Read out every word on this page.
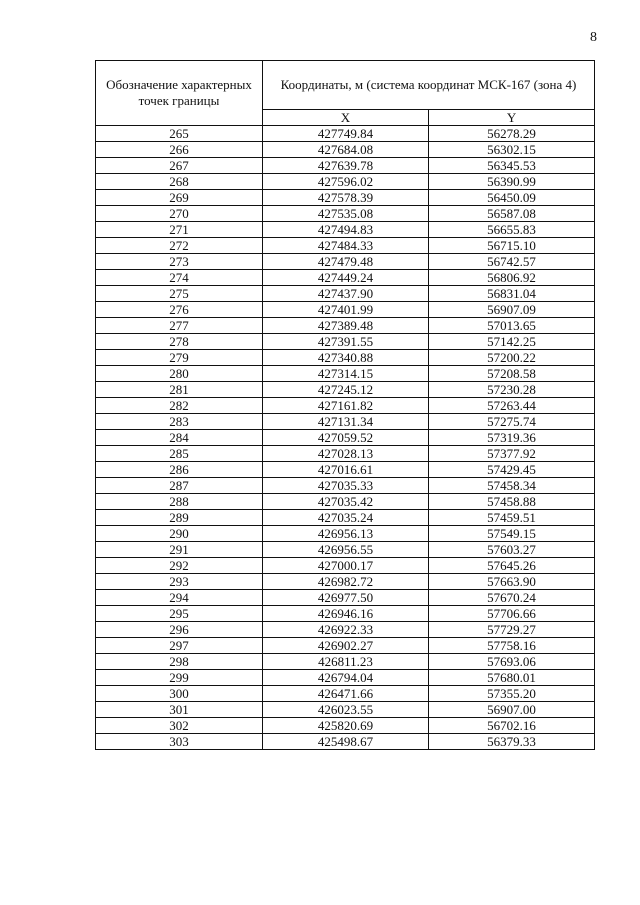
8
Обозначение характерных точек границы	Координаты, м (система координат МСК-167 (зона 4)	
	X	Y
265	427749.84	56278.29
266	427684.08	56302.15
267	427639.78	56345.53
268	427596.02	56390.99
269	427578.39	56450.09
270	427535.08	56587.08
271	427494.83	56655.83
272	427484.33	56715.10
273	427479.48	56742.57
274	427449.24	56806.92
275	427437.90	56831.04
276	427401.99	56907.09
277	427389.48	57013.65
278	427391.55	57142.25
279	427340.88	57200.22
280	427314.15	57208.58
281	427245.12	57230.28
282	427161.82	57263.44
283	427131.34	57275.74
284	427059.52	57319.36
285	427028.13	57377.92
286	427016.61	57429.45
287	427035.33	57458.34
288	427035.42	57458.88
289	427035.24	57459.51
290	426956.13	57549.15
291	426956.55	57603.27
292	427000.17	57645.26
293	426982.72	57663.90
294	426977.50	57670.24
295	426946.16	57706.66
296	426922.33	57729.27
297	426902.27	57758.16
298	426811.23	57693.06
299	426794.04	57680.01
300	426471.66	57355.20
301	426023.55	56907.00
302	425820.69	56702.16
303	425498.67	56379.33
